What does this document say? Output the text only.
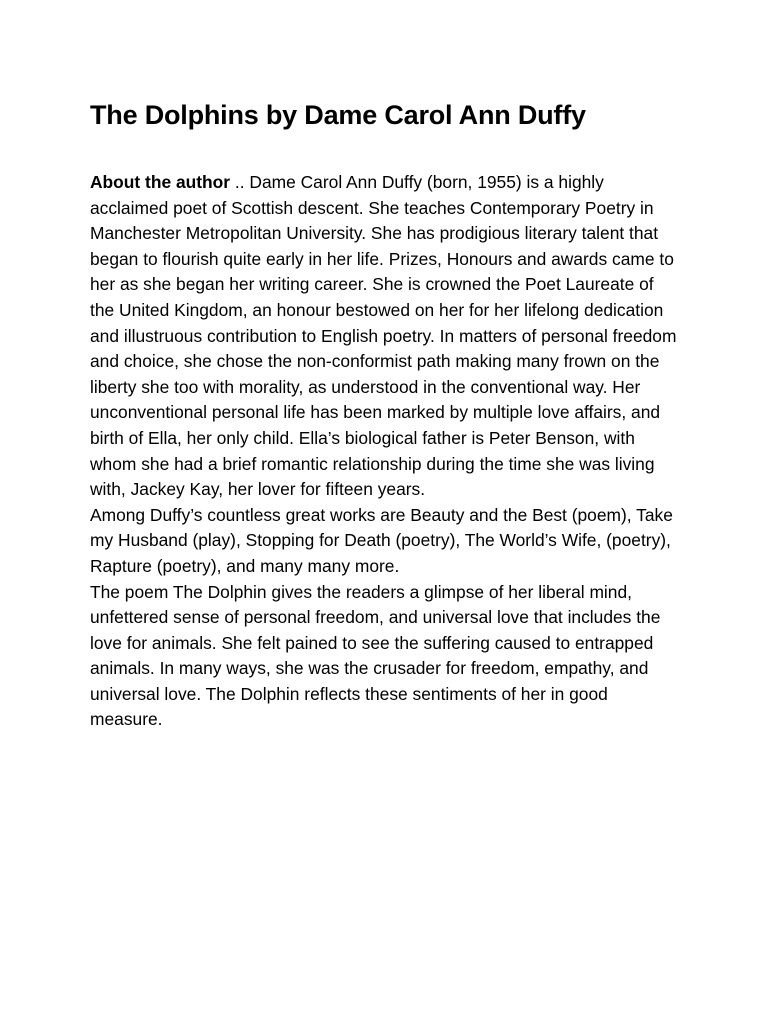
The Dolphins by Dame Carol Ann Duffy

About the author .. Dame Carol Ann Duffy (born, 1955) is a highly acclaimed poet of Scottish descent. She teaches Contemporary Poetry in Manchester Metropolitan University. She has prodigious literary talent that began to flourish quite early in her life. Prizes, Honours and awards came to her as she began her writing career. She is crowned the Poet Laureate of the United Kingdom, an honour bestowed on her for her lifelong dedication and illustruous contribution to English poetry. In matters of personal freedom and choice, she chose the non-conformist path making many frown on the liberty she too with morality, as understood in the conventional way. Her unconventional personal life has been marked by multiple love affairs, and birth of Ella, her only child. Ella’s biological father is Peter Benson, with whom she had a brief romantic relationship during the time she was living with, Jackey Kay, her lover for fifteen years.

Among Duffy’s countless great works are Beauty and the Best (poem), Take my Husband (play), Stopping for Death (poetry), The World’s Wife, (poetry), Rapture (poetry), and many many more.

The poem The Dolphin gives the readers a glimpse of her liberal mind, unfettered sense of personal freedom, and universal love that includes the love for animals. She felt pained to see the suffering caused to entrapped animals. In many ways, she was the crusader for freedom, empathy, and universal love. The Dolphin reflects these sentiments of her in good measure.
